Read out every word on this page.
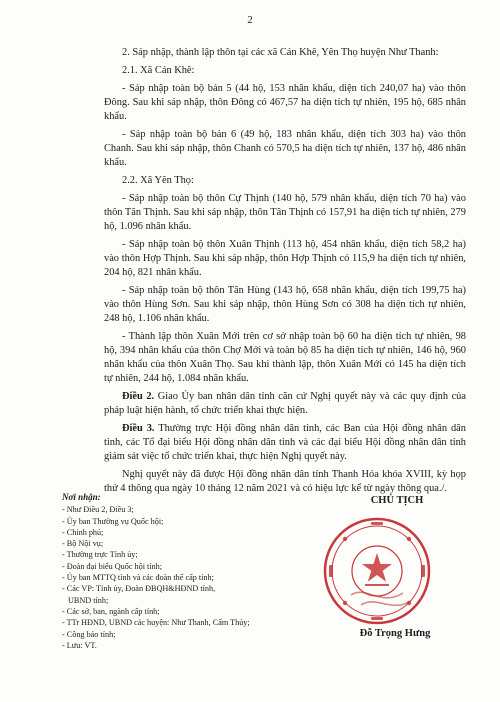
2

2. Sáp nhập, thành lập thôn tại các xã Cán Khê, Yên Thọ huyện Như Thanh:

2.1. Xã Cán Khê:

- Sáp nhập toàn bộ bản 5 (44 hộ, 153 nhân khẩu, diện tích 240,07 ha) vào thôn Đông. Sau khi sáp nhập, thôn Đông có 467,57 ha diện tích tự nhiên, 195 hộ, 685 nhân khẩu.

- Sáp nhập toàn bộ bản 6 (49 hộ, 183 nhân khẩu, diện tích 303 ha) vào thôn Chanh. Sau khi sáp nhập, thôn Chanh có 570,5 ha diện tích tự nhiên, 137 hộ, 486 nhân khẩu.

2.2. Xã Yên Thọ:

- Sáp nhập toàn bộ thôn Cự Thịnh (140 hộ, 579 nhân khẩu, diện tích 70 ha) vào thôn Tân Thịnh. Sau khi sáp nhập, thôn Tân Thịnh có 157,91 ha diện tích tự nhiên, 279 hộ, 1.096 nhân khẩu.

- Sáp nhập toàn bộ thôn Xuân Thịnh (113 hộ, 454 nhân khẩu, diện tích 58,2 ha) vào thôn Hợp Thịnh. Sau khi sáp nhập, thôn Hợp Thịnh có 115,9 ha diện tích tự nhiên, 204 hộ, 821 nhân khẩu.

- Sáp nhập toàn bộ thôn Tân Hùng (143 hộ, 658 nhân khẩu, diện tích 199,75 ha) vào thôn Hùng Sơn. Sau khi sáp nhập, thôn Hùng Sơn có 308 ha diện tích tự nhiên, 248 hộ, 1.106 nhân khẩu.

- Thành lập thôn Xuân Mới trên cơ sở nhập toàn bộ 60 ha diện tích tự nhiên, 98 hộ, 394 nhân khẩu của thôn Chợ Mới và toàn bộ 85 ha diện tích tự nhiên, 146 hộ, 960 nhân khẩu của thôn Xuân Thọ. Sau khi thành lập, thôn Xuân Mới có 145 ha diện tích tự nhiên, 244 hộ, 1.084 nhân khẩu.

Điều 2. Giao Ủy ban nhân dân tỉnh căn cứ Nghị quyết này và các quy định của pháp luật hiện hành, tổ chức triển khai thực hiện.

Điều 3. Thường trực Hội đồng nhân dân tỉnh, các Ban của Hội đồng nhân dân tỉnh, các Tổ đại biểu Hội đồng nhân dân tỉnh và các đại biểu Hội đồng nhân dân tỉnh giám sát việc tổ chức triển khai, thực hiện Nghị quyết này.

Nghị quyết này đã được Hội đồng nhân dân tỉnh Thanh Hóa khóa XVIII, kỳ họp thứ 4 thông qua ngày 10 tháng 12 năm 2021 và có hiệu lực kể từ ngày thông qua./.

Nơi nhận:
- Như Điều 2, Điều 3;
- Ủy ban Thường vụ Quốc hội;
- Chính phủ;
- Bộ Nội vụ;
- Thường trực Tỉnh ủy;
- Đoàn đại biểu Quốc hội tỉnh;
- Ủy ban MTTQ tỉnh và các đoàn thể cấp tỉnh;
- Các VP: Tỉnh ủy, Đoàn ĐBQH&HĐND tỉnh,
UBND tỉnh;
- Các sở, ban, ngành cấp tỉnh;
- TTr HĐND, UBND các huyện: Như Thanh, Cẩm Thủy;
- Công báo tỉnh;
- Lưu: VT.
CHỦ TỊCH
Đỗ Trọng Hưng
